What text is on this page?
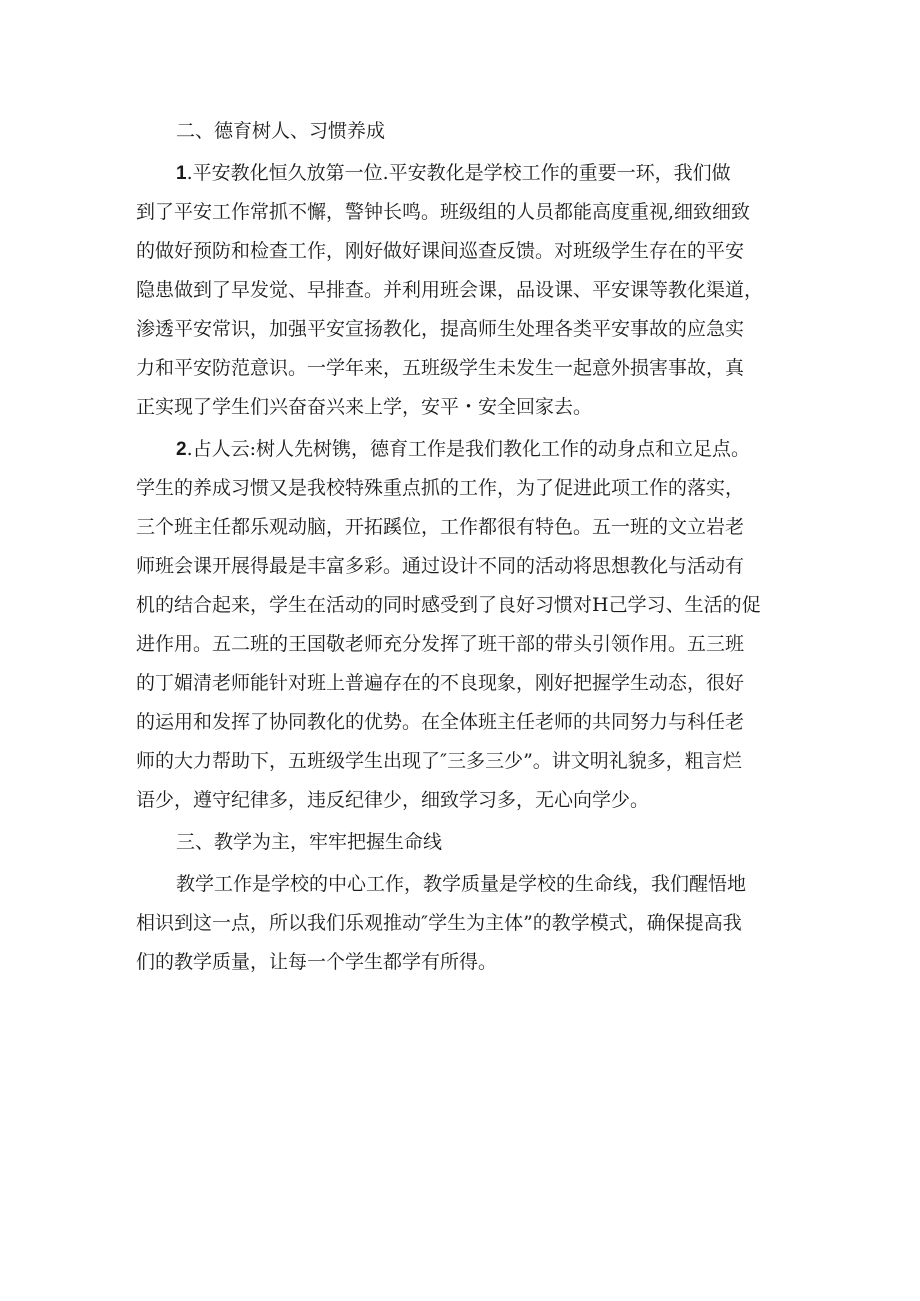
二、德育树人、习惯养成
1.平安教化恒久放第一位.平安教化是学校工作的重要一环，我们做
到了平安工作常抓不懈，警钟长鸣。班级组的人员都能高度重视,细致细致
的做好预防和检查工作，刚好做好课间巡查反馈。对班级学生存在的平安
隐患做到了早发觉、早排查。并利用班会课，品设课、平安课等教化渠道，
渗透平安常识，加强平安宣扬教化，提高师生处理各类平安事故的应急实
力和平安防范意识。一学年来，五班级学生未发生一起意外损害事故，真
正实现了学生们兴奋奋兴来上学，安平・安全回家去。
2.占人云:树人先树镌，德育工作是我们教化工作的动身点和立足点。
学生的养成习惯又是我校特殊重点抓的工作，为了促进此项工作的落实，
三个班主任都乐观动脑，开拓蹊位，工作都很有特色。五一班的文立岩老
师班会课开展得最是丰富多彩。通过设计不同的活动将思想教化与活动有
机的结合起来，学生在活动的同时感受到了良好习惯对H己学习、生活的促
进作用。五二班的王国敬老师充分发挥了班干部的带头引领作用。五三班
的丁媚清老师能针对班上普遍存在的不良现象，刚好把握学生动态，很好
的运用和发挥了协同教化的优势。在全体班主任老师的共同努力与科任老
师的大力帮助下，五班级学生出现了″三多三少”。讲文明礼貌多，粗言烂
语少，遵守纪律多，违反纪律少，细致学习多，无心向学少。
三、教学为主，牢牢把握生命线
教学工作是学校的中心工作，教学质量是学校的生命线，我们醒悟地
相识到这一点，所以我们乐观推动″学生为主体”的教学模式，确保提高我
们的教学质量，让每一个学生都学有所得。
